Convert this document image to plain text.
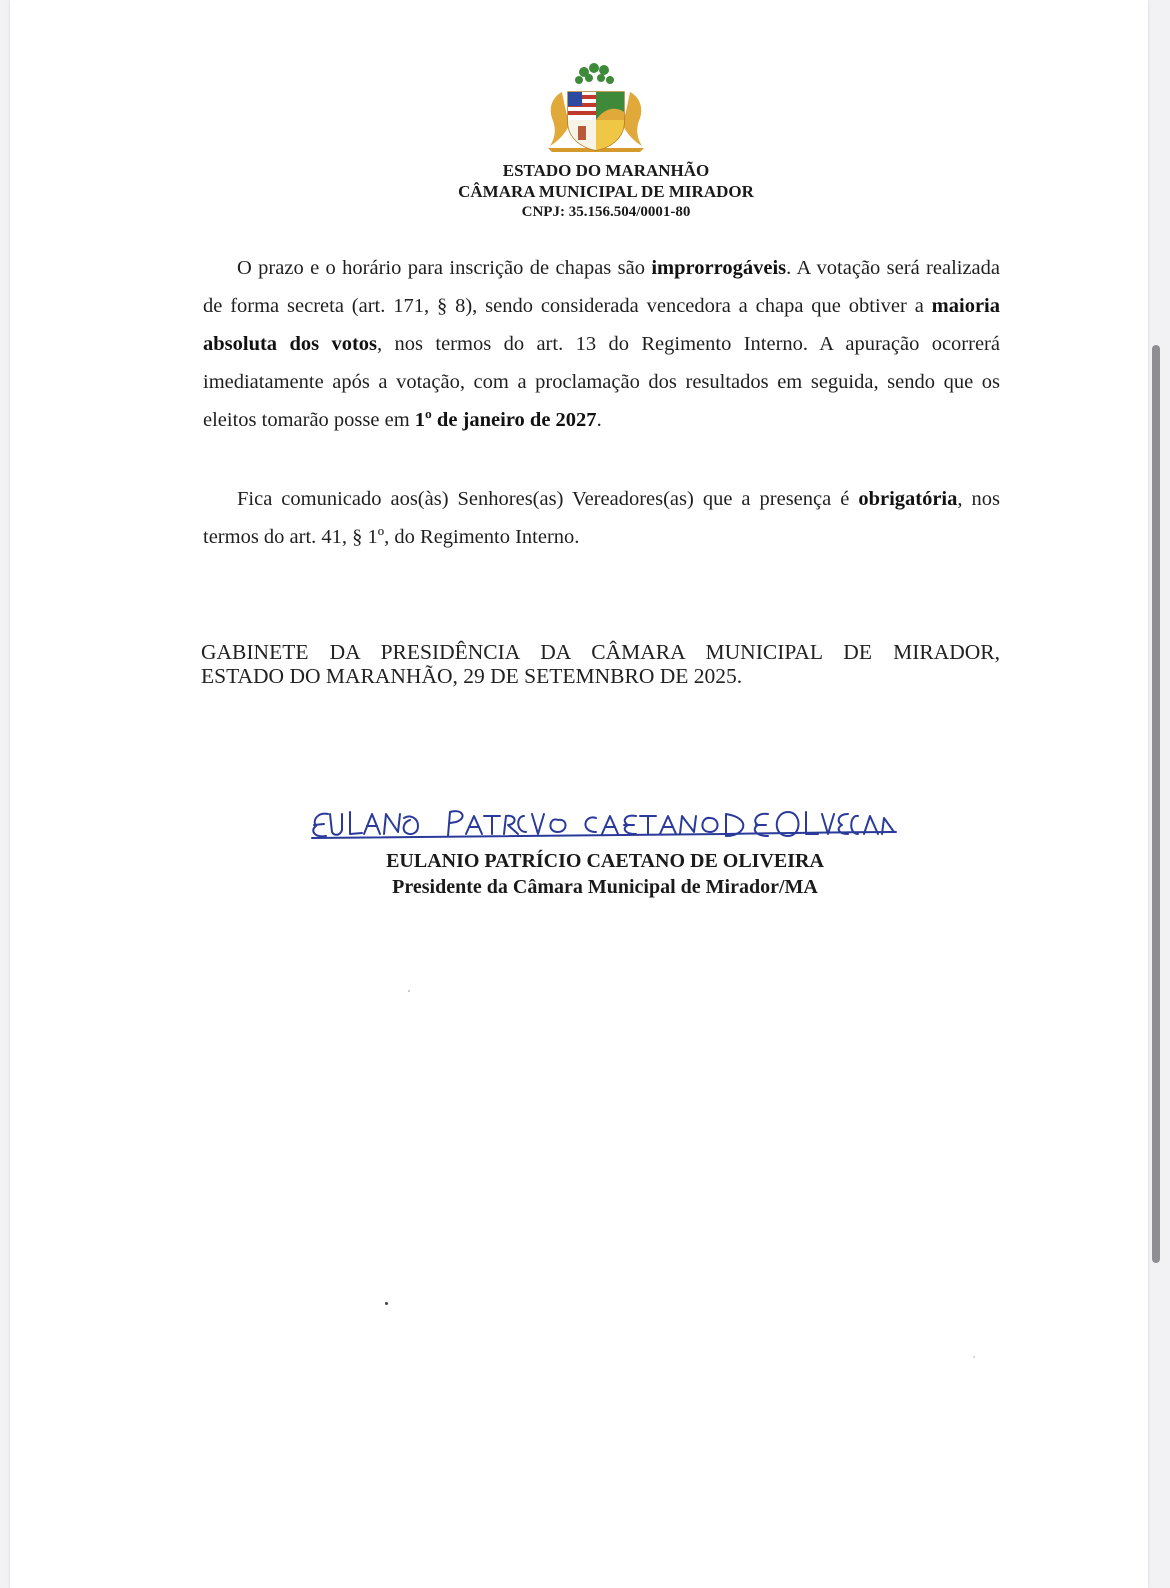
ESTADO DO MARANHÃO
CÂMARA MUNICIPAL DE MIRADOR
CNPJ: 35.156.504/0001-80
O prazo e o horário para inscrição de chapas são improrrogáveis. A votação será realizada de forma secreta (art. 171, § 8), sendo considerada vencedora a chapa que obtiver a maioria absoluta dos votos, nos termos do art. 13 do Regimento Interno. A apuração ocorrerá imediatamente após a votação, com a proclamação dos resultados em seguida, sendo que os eleitos tomarão posse em 1º de janeiro de 2027.
Fica comunicado aos(às) Senhores(as) Vereadores(as) que a presença é obrigatória, nos termos do art. 41, § 1º, do Regimento Interno.
GABINETE DA PRESIDÊNCIA DA CÂMARA MUNICIPAL DE MIRADOR,
ESTADO DO MARANHÃO, 29 DE SETEMNBRO DE 2025.
EULANIO PATRÍCIO CAETANO DE OLIVEIRA
Presidente da Câmara Municipal de Mirador/MA
